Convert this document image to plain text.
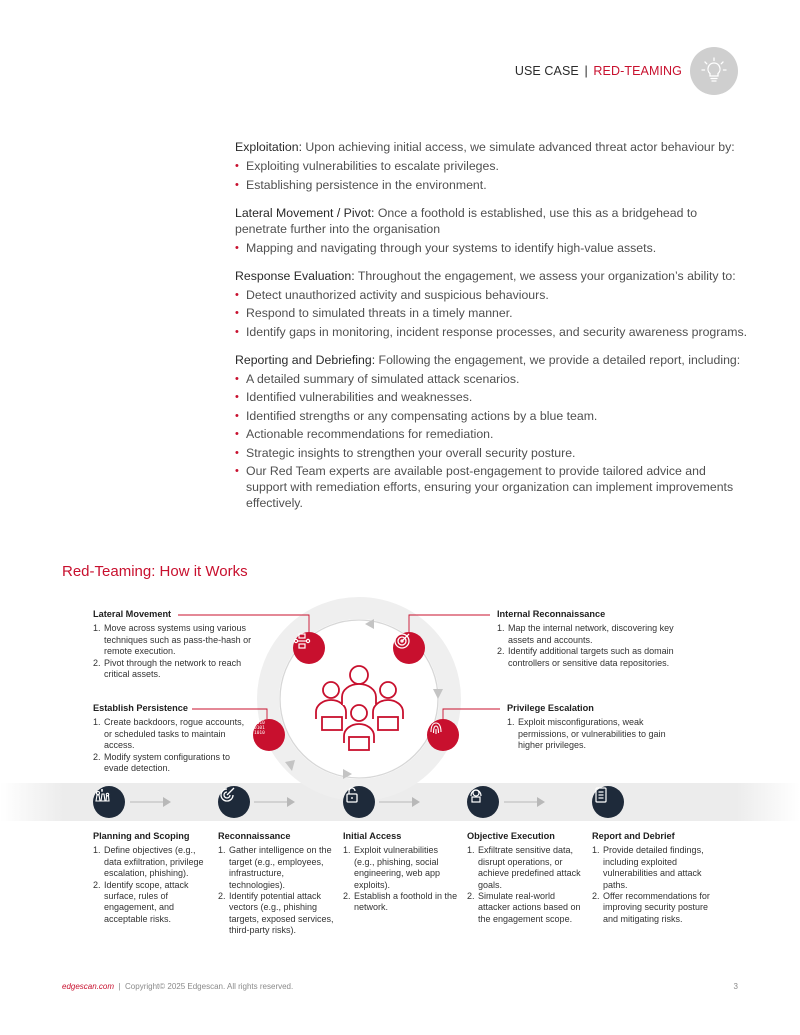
USE CASE | RED-TEAMING

Exploitation: Upon achieving initial access, we simulate advanced threat actor behaviour by:

• Exploiting vulnerabilities to escalate privileges.
• Establishing persistence in the environment.

Lateral Movement / Pivot: Once a foothold is established, use this as a bridgehead to penetrate further into the organisation

• Mapping and navigating through your systems to identify high-value assets.

Response Evaluation: Throughout the engagement, we assess your organization’s ability to:

• Detect unauthorized activity and suspicious behaviours.
• Respond to simulated threats in a timely manner.
• Identify gaps in monitoring, incident response processes, and security awareness programs.

Reporting and Debriefing: Following the engagement, we provide a detailed report, including:

• A detailed summary of simulated attack scenarios.
• Identified vulnerabilities and weaknesses.
• Identified strengths or any compensating actions by a blue team.
• Actionable recommendations for remediation.
• Strategic insights to strengthen your overall security posture.
• Our Red Team experts are available post-engagement to provide tailored advice and support with remediation efforts, ensuring your organization can implement improvements effectively.
Red-Teaming: How it Works
1010
0101
1010
Lateral Movement
1. Move across systems using various techniques such as pass-the-hash or remote execution.
2. Pivot through the network to reach critical assets.
Internal Reconnaissance
1. Map the internal network, discovering key assets and accounts.
2. Identify additional targets such as domain controllers or sensitive data repositories.
Establish Persistence
1. Create backdoors, rogue accounts, or scheduled tasks to maintain access.
2. Modify system configurations to evade detection.
Privilege Escalation
1. Exploit misconfigurations, weak permissions, or vulnerabilities to gain higher privileges.
Planning and Scoping
1. Define objectives (e.g., data exfiltration, privilege escalation, phishing).
2. Identify scope, attack surface, rules of engagement, and acceptable risks.
Reconnaissance
1. Gather intelligence on the target (e.g., employees, infrastructure, technologies).
2. Identify potential attack vectors (e.g., phishing targets, exposed services, third-party risks).
Initial Access
1. Exploit vulnerabilities (e.g., phishing, social engineering, web app exploits).
2. Establish a foothold in the network.
Objective Execution
1. Exfiltrate sensitive data, disrupt operations, or achieve predefined attack goals.
2. Simulate real-world attacker actions based on the engagement scope.
Report and Debrief
1. Provide detailed findings, including exploited vulnerabilities and attack paths.
2. Offer recommendations for improving security posture and mitigating risks.
edgescan.com  |  Copyright© 2025 Edgescan. All rights reserved.	3
